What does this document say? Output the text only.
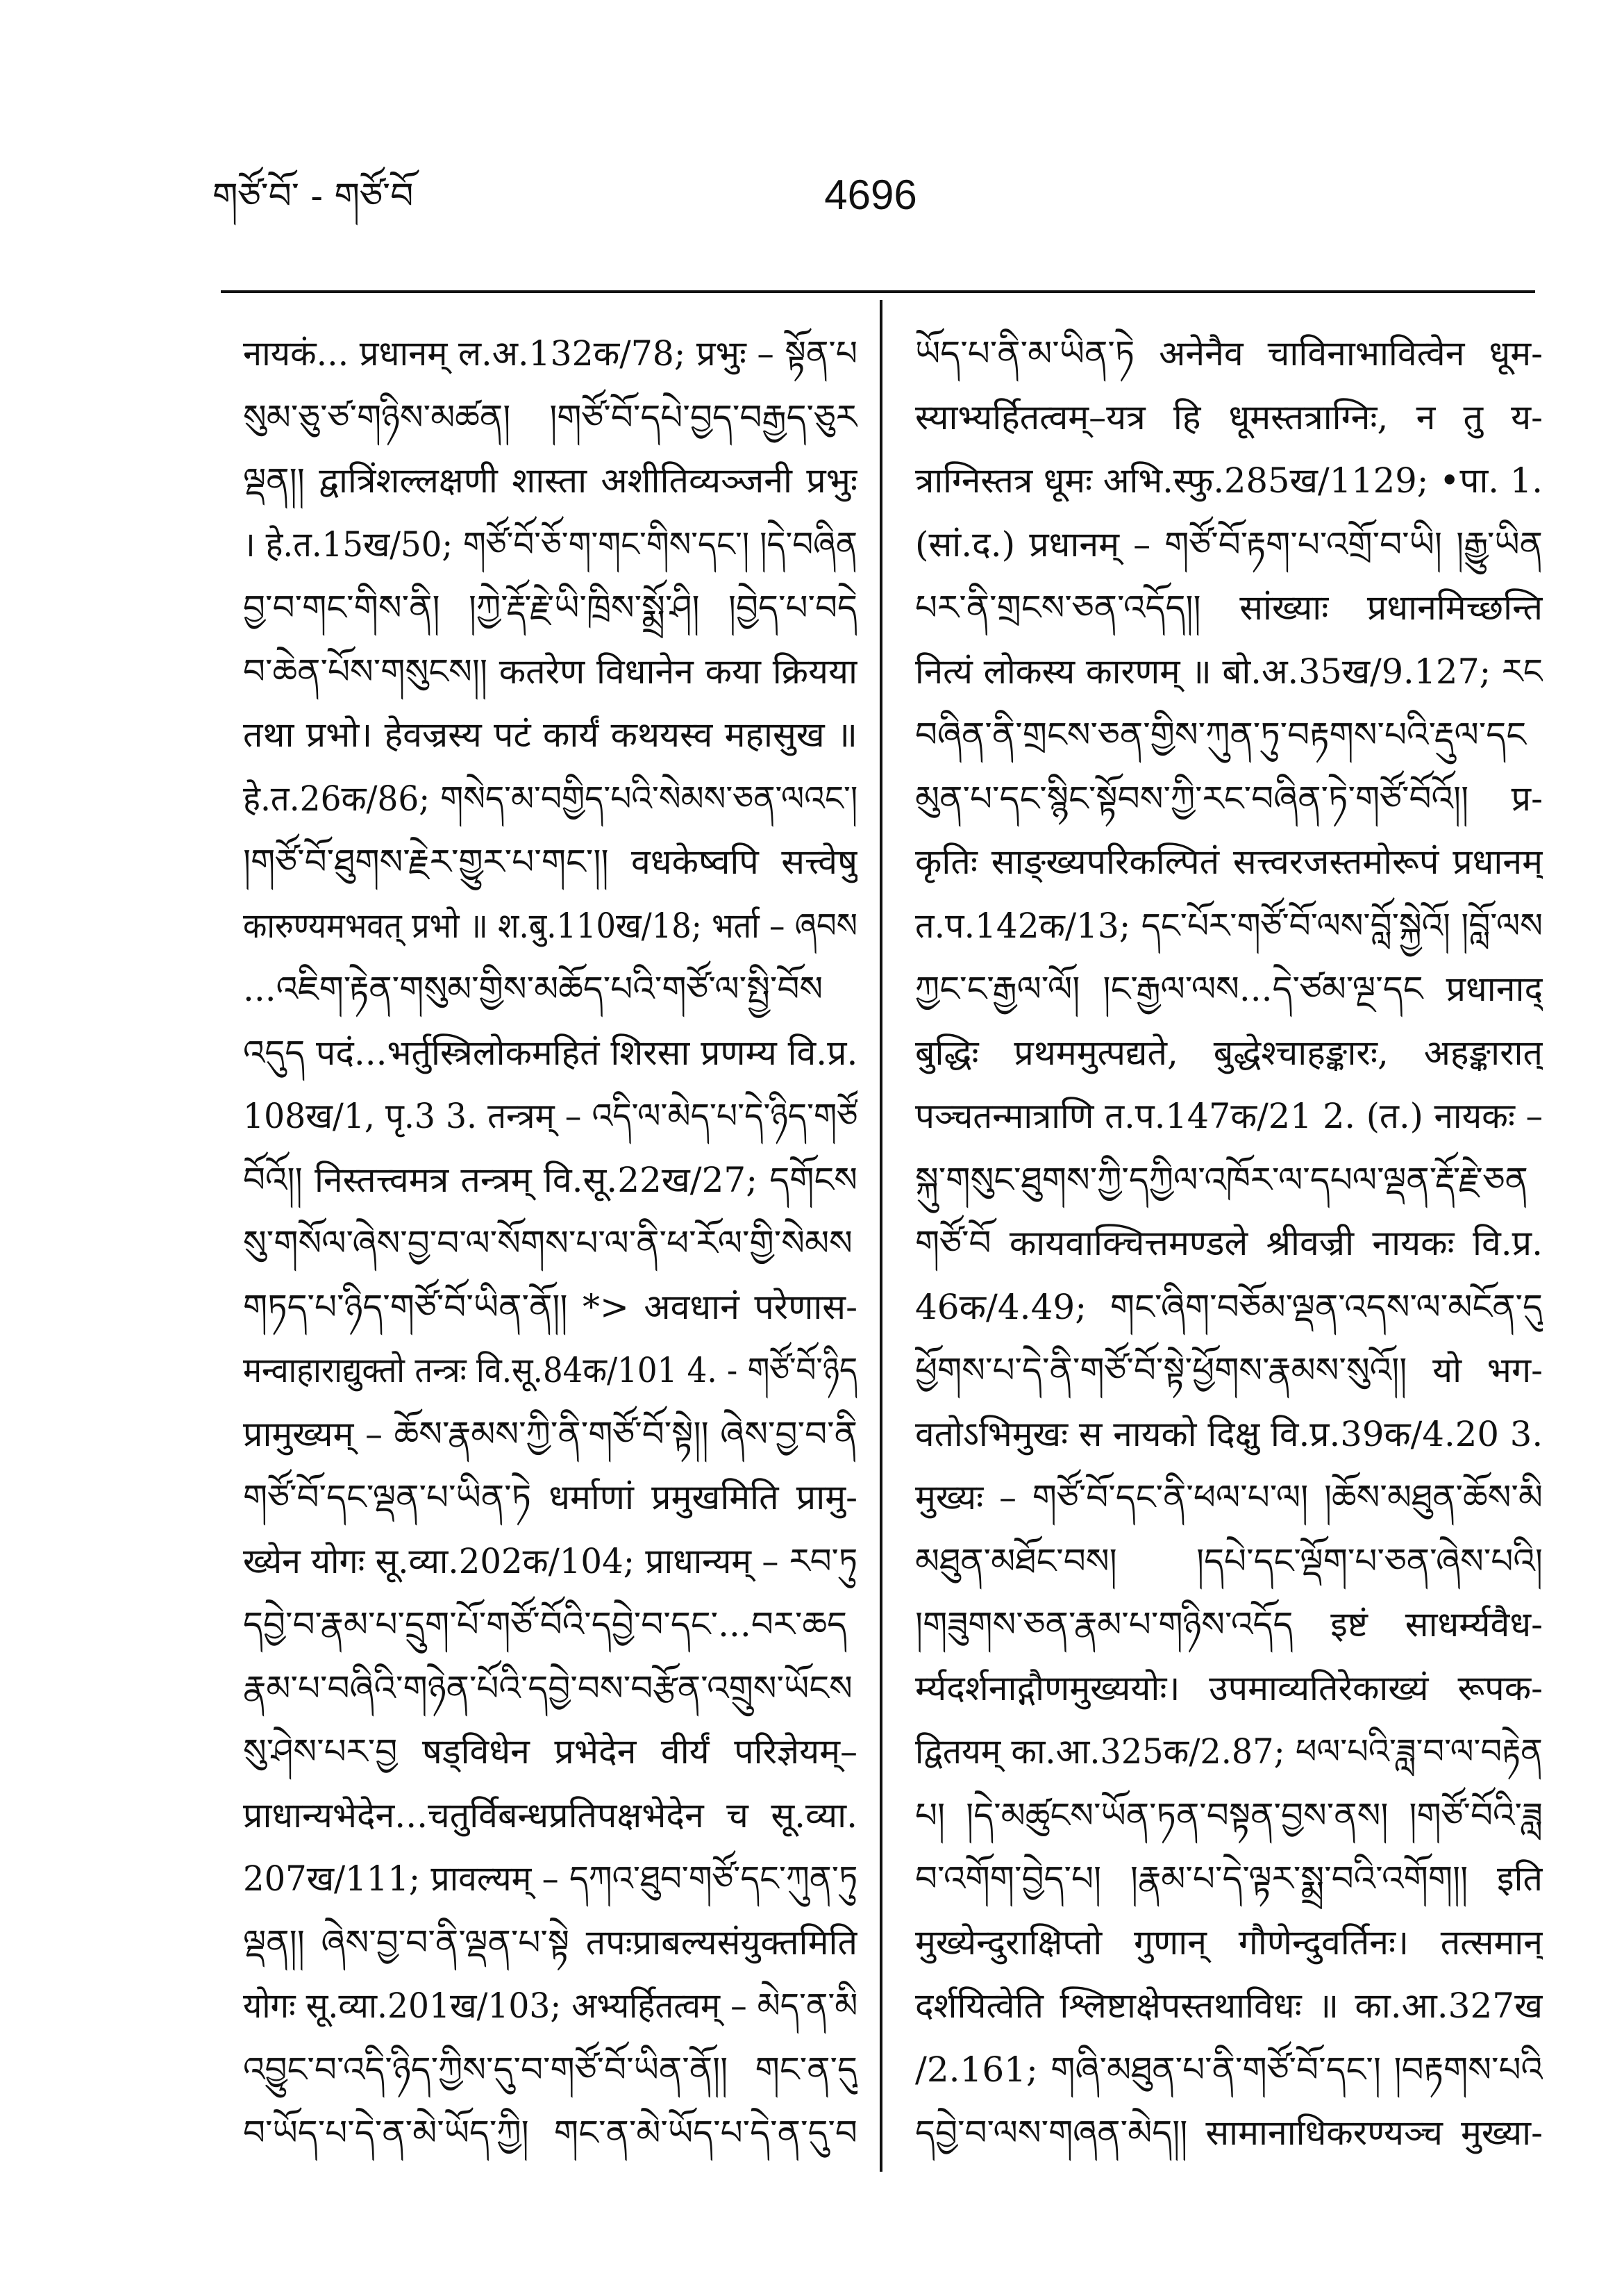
གཙོ་བོ་ - གཙོ་བོ	4696
नायकं... प्रधानम् ल.अ.132क/78; प्रभुः – སྟོན་པ
སུམ་ཅུ་ཙ་གཉིས་མཚན། །གཙོ་བོ་དཔེ་བྱད་བརྒྱད་ཅུར
ལྡན།། द्वात्रिंशल्लक्षणी शास्ता अशीतिव्यञ्जनी प्रभुः
। हे.त.15ख/50; གཙོ་བོ་ཅོ་ག་གང་གིས་དང་། །དེ་བཞིན
བྱ་བ་གང་གིས་ནི། །ཀྱེ་རྡོ་རྗེ་ཡི་ཁྲིས་སྨྲོ་ཤི། །བྱེད་པ་བདེ
བ་ཆེན་པོས་གསུངས།། कतरेण विधानेन कया क्रियया
तथा प्रभो। हेवज्रस्य पटं कार्यं कथयस्व महासुख ॥
हे.त.26क/86; གསེད་མ་བགྱིད་པའི་སེམས་ཅན་ལའང་།
།གཙོ་བོ་ཐུགས་རྗེར་གྱུར་པ་གང་།། वधकेष्वपि सत्त्वेषु
कारुण्यमभवत् प्रभो ॥ श.बु.110ख/18; भर्ता – ཞབས
...འཇིག་རྟེན་གསུམ་གྱིས་མཆོད་པའི་གཙོ་ལ་སྤྱི་བོས
འདུད पदं...भर्तुस्त्रिलोकमहितं शिरसा प्रणम्य वि.प्र.
108ख/1, पृ.3 3. तन्त्रम् – འདི་ལ་མེད་པ་དེ་ཉིད་གཙོ
བོའོ།། निस्तत्त्वमत्र तन्त्रम् वि.सू.22ख/27; དགོངས
སུ་གསོལ་ཞེས་བྱ་བ་ལ་སོགས་པ་ལ་ནི་ཕ་རོལ་གྱི་སེམས
གཏད་པ་ཉིད་གཙོ་བོ་ཡིན་ནོ།། *> अवधानं परेणास-
मन्वाहाराद्युक्तो तन्त्रः वि.सू.84क/101 4. - གཙོ་བོ་ཉིད
प्रामुख्यम् – ཆོས་རྣམས་ཀྱི་ནི་གཙོ་བོ་སྟེ།། ཞེས་བྱ་བ་ནི
གཙོ་བོ་དང་ལྡན་པ་ཡིན་ཏེ धर्माणां प्रमुखमिति प्रामु-
ख्येन योगः सू.व्या.202क/104; प्राधान्यम् – རབ་ཏུ
དབྱེ་བ་རྣམ་པ་དྲུག་པོ་གཙོ་བོའི་དབྱེ་བ་དང་...བར་ཆད
རྣམ་པ་བཞིའི་གཉེན་པོའི་དབྱེ་བས་བརྩོན་འགྲུས་ཡོངས
སུ་ཤེས་པར་བྱ षड्विधेन प्रभेदेन वीर्यं परिज्ञेयम्–
प्राधान्यभेदेन...चतुर्विबन्धप्रतिपक्षभेदेन च सू.व्या.
207ख/111; प्रावल्यम् – དཀའ་ཐུབ་གཙོ་དང་ཀུན་ཏུ
ལྡན།། ཞེས་བྱ་བ་ནི་ལྡན་པ་སྟེ तपःप्राबल्यसंयुक्तमिति
योगः सू.व्या.201ख/103; अभ्यर्हितत्वम् – མེད་ན་མི
འབྱུང་བ་འདི་ཉིད་ཀྱིས་དུ་བ་གཙོ་བོ་ཡིན་ནོ།། གང་ན་དུ
བ་ཡོད་པ་དེ་ན་མེ་ཡོད་ཀྱི། གང་ན་མེ་ཡོད་པ་དེ་ན་དུ་བ
ཡོད་པ་ནི་མ་ཡིན་ཏེ अनेनैव चाविनाभावित्वेन धूम-
स्याभ्यर्हितत्वम्–यत्र हि धूमस्तत्राग्निः, न तु य-
त्राग्निस्तत्र धूमः अभि.स्फु.285ख/1129; •पा. 1.
(सां.द.) प्रधानम् – གཙོ་བོ་རྟག་པ་འགྲོ་བ་ཡི། །རྒྱུ་ཡིན
པར་ནི་གྲངས་ཅན་འདོད།། सांख्याः प्रधानमिच्छन्ति
नित्यं लोकस्य कारणम् ॥ बो.अ.35ख/9.127; རང
བཞིན་ནི་གྲངས་ཅན་གྱིས་ཀུན་ཏུ་བརྟགས་པའི་རྡུལ་དང
མུན་པ་དང་སྙིང་སྟོབས་ཀྱི་རང་བཞིན་ཏེ་གཙོ་བོའོ།། प्र-
कृतिः साङ्ख्यपरिकल्पितं सत्त्वरजस्तमोरूपं प्रधानम्
त.प.142क/13; དང་པོར་གཙོ་བོ་ལས་བློ་སྐྱེའོ། །བློ་ལས
ཀྱང་ང་རྒྱལ་ལོ། །ང་རྒྱལ་ལས...དེ་ཙམ་ལྔ་དང प्रधानाद्
बुद्धिः प्रथममुत्पद्यते, बुद्धेश्चाहङ्कारः, अहङ्कारात्
पञ्चतन्मात्राणि त.प.147क/21 2. (त.) नायकः –
སྐུ་གསུང་ཐུགས་ཀྱི་དཀྱིལ་འཁོར་ལ་དཔལ་ལྡན་རྡོ་རྗེ་ཅན
གཙོ་བོ कायवाक्चित्तमण्डले श्रीवज्री नायकः वि.प्र.
46क/4.49; གང་ཞིག་བཅོམ་ལྡན་འདས་ལ་མངོན་དུ
ཕྱོགས་པ་དེ་ནི་གཙོ་བོ་སྟེ་ཕྱོགས་རྣམས་སུའོ།། यो भग-
वतोऽभिमुखः स नायको दिक्षु वि.प्र.39क/4.20 3.
मुख्यः – གཙོ་བོ་དང་ནི་ཕལ་པ་ལ། །ཆོས་མཐུན་ཆོས་མི
མཐུན་མཐོང་བས། །དཔེ་དང་ལྡོག་པ་ཅན་ཞེས་པའི།
།གཟུགས་ཅན་རྣམ་པ་གཉིས་འདོད इष्टं साधर्म्यवैध-
र्म्यदर्शनाद्गौणमुख्ययोः। उपमाव्यतिरेकाख्यं रूपक-
द्वितयम् का.आ.325क/2.87; ཕལ་པའི་ཟླ་བ་ལ་བརྟེན
པ། །དེ་མཚུངས་ཡོན་ཏན་བསྟན་བྱས་ནས། །གཙོ་བོའི་ཟླ
བ་འགོག་བྱེད་པ། །རྣམ་པ་དེ་ལྟར་སྨྲ་བའི་འགོག།། इति
मुख्येन्दुराक्षिप्तो गुणान् गौणेन्दुवर्तिनः। तत्समान्
दर्शयित्वेति श्लिष्टाक्षेपस्तथाविधः ॥ का.आ.327ख
/2.161; གཞི་མཐུན་པ་ནི་གཙོ་བོ་དང་། །བརྟགས་པའི
དབྱེ་བ་ལས་གཞན་མེད།། सामानाधिकरण्यञ्च मुख्या-
